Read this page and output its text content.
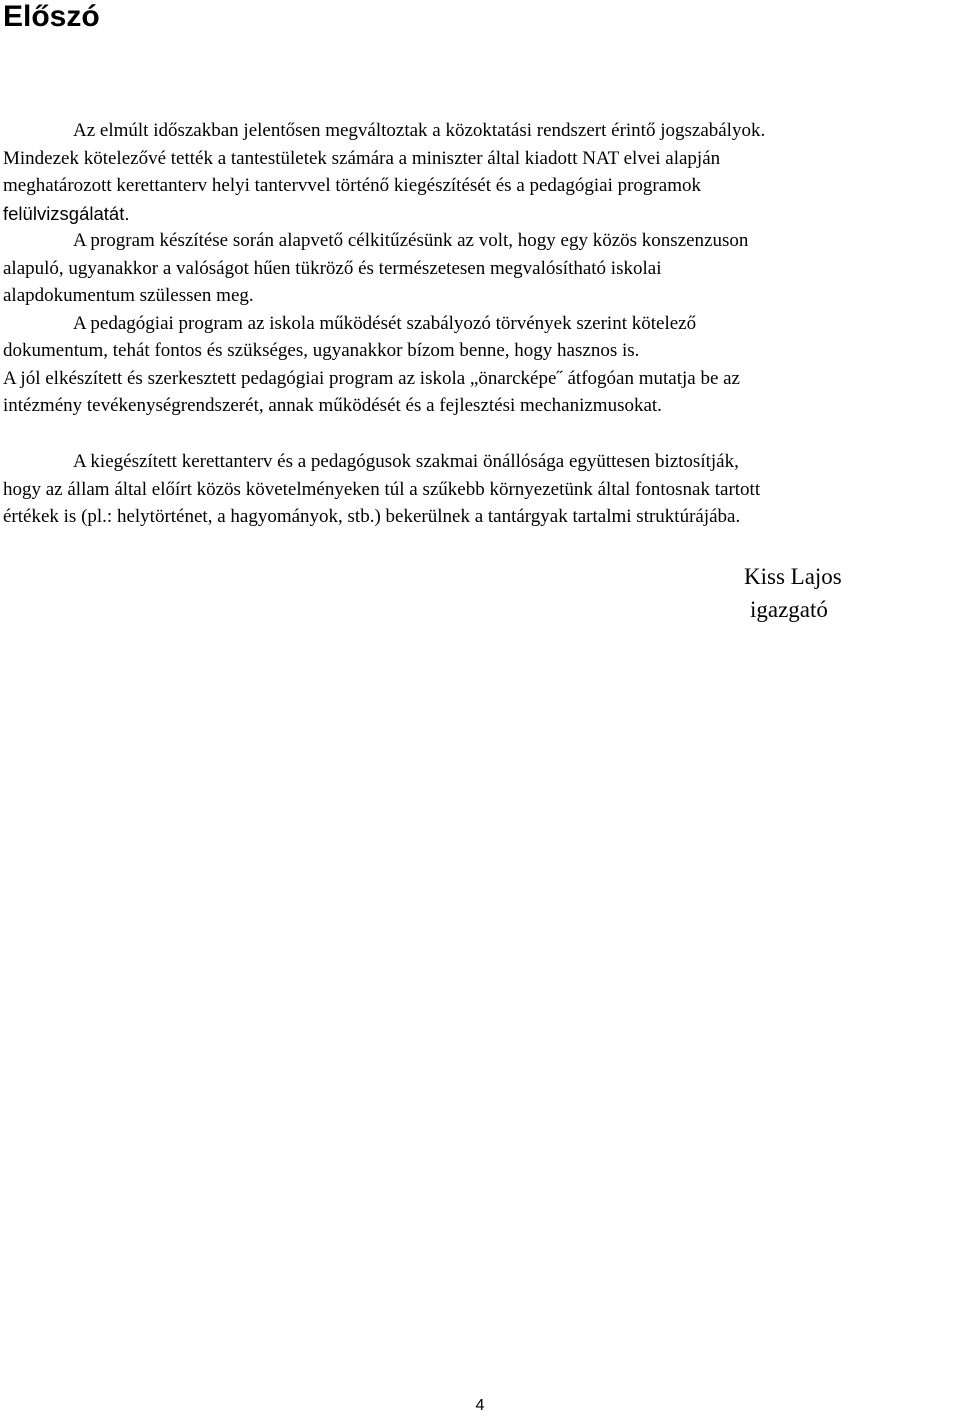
Előszó
Az elmúlt időszakban jelentősen megváltoztak a közoktatási rendszert érintő jogszabályok.
Mindezek kötelezővé tették a tantestületek számára a miniszter által kiadott NAT elvei alapján
meghatározott kerettanterv helyi tantervvel történő kiegészítését és a pedagógiai programok
felülvizsgálatát.
A program készítése során alapvető célkitűzésünk az volt, hogy egy közös konszenzuson
alapuló, ugyanakkor a valóságot hűen tükröző és természetesen megvalósítható iskolai
alapdokumentum szülessen meg.
A pedagógiai program az iskola működését szabályozó törvények szerint kötelező
dokumentum, tehát fontos és szükséges, ugyanakkor bízom benne, hogy hasznos is.
A jól elkészített és szerkesztett pedagógiai program az iskola „önarcképe˝ átfogóan mutatja be az
intézmény tevékenységrendszerét, annak működését és a fejlesztési mechanizmusokat.
A kiegészített kerettanterv és a pedagógusok szakmai önállósága együttesen biztosítják,
hogy az állam által előírt közös követelményeken túl a szűkebb környezetünk által fontosnak tartott
értékek is (pl.: helytörténet, a hagyományok, stb.) bekerülnek a tantárgyak tartalmi struktúrájába.
Kiss Lajos
igazgató
4
